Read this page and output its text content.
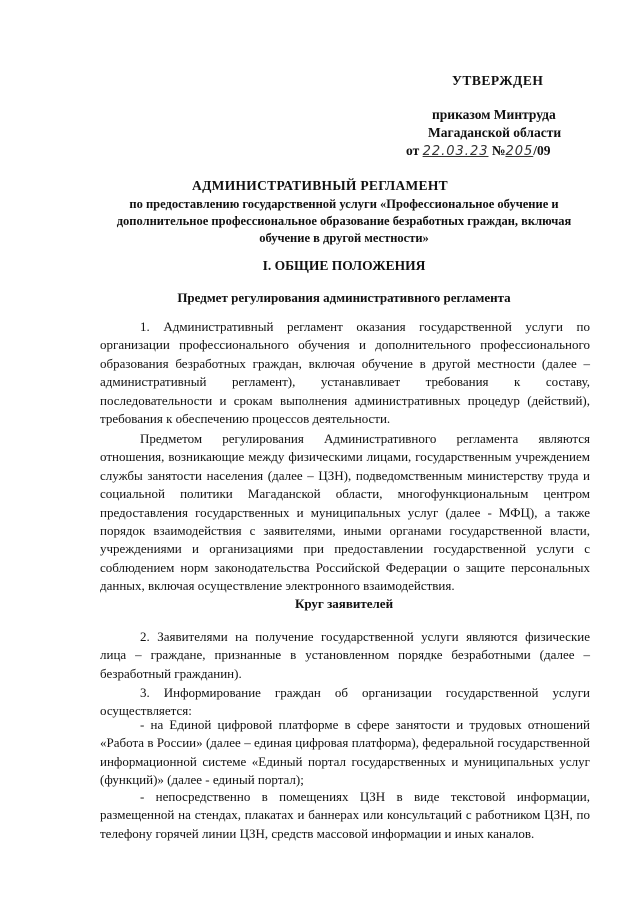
УТВЕРЖДЕН
приказом Минтруда
Магаданской области
от 22.03.23 №205/09
АДМИНИСТРАТИВНЫЙ РЕГЛАМЕНТ
по предоставлению государственной услуги «Профессиональное обучение и дополнительное профессиональное образование безработных граждан, включая обучение в другой местности»
I. ОБЩИЕ ПОЛОЖЕНИЯ
Предмет регулирования административного регламента

1. Административный регламент оказания государственной услуги по организации профессионального обучения и дополнительного профессионального образования безработных граждан, включая обучение в другой местности (далее – административный регламент), устанавливает требования к составу, последовательности и срокам выполнения административных процедур (действий), требования к обеспечению процессов деятельности.

Предметом регулирования Административного регламента являются отношения, возникающие между физическими лицами, государственным учреждением службы занятости населения (далее – ЦЗН), подведомственным министерству труда и социальной политики Магаданской области, многофункциональным центром предоставления государственных и муниципальных услуг (далее - МФЦ), а также порядок взаимодействия с заявителями, иными органами государственной власти, учреждениями и организациями при предоставлении государственной услуги с соблюдением норм законодательства Российской Федерации о защите персональных данных, включая осуществление электронного взаимодействия.

Круг заявителей

2. Заявителями на получение государственной услуги являются физические лица – граждане, признанные в установленном порядке безработными (далее – безработный гражданин).

3. Информирование граждан об организации государственной услуги осуществляется:

- на Единой цифровой платформе в сфере занятости и трудовых отношений «Работа в России» (далее – единая цифровая платформа), федеральной государственной информационной системе «Единый портал государственных и муниципальных услуг (функций)» (далее - единый портал);

- непосредственно в помещениях ЦЗН в виде текстовой информации, размещенной на стендах, плакатах и баннерах или консультаций с работником ЦЗН, по телефону горячей линии ЦЗН, средств массовой информации и иных каналов.
